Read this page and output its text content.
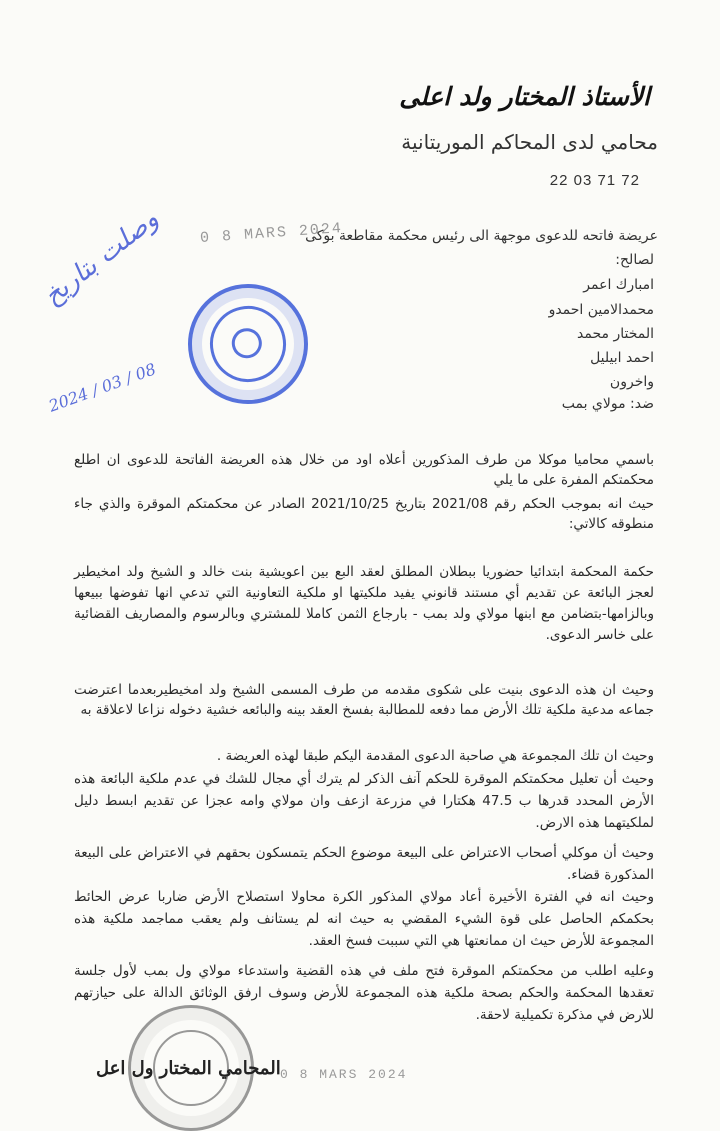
الأستاذ المختار ولد اعلى
محامي لدى المحاكم الموريتانية
22 03 71 72
0 8 MARS 2024
عريضة فاتحه للدعوى موجهة الى رئيس محكمة مقاطعة بوكى
لصالح:
امبارك اعمر
محمدالامين احمدو
المختار محمد
احمد ابيليل
واخرون
ضد: مولاي بمب
وصلت بتاريخ
2024 / 03 / 08
باسمي محاميا موكلا من طرف المذكورين أعلاه اود من خلال هذه العريضة الفاتحة للدعوى ان اطلع محكمتكم المفرة على ما يلي
حيث انه بموجب الحكم رقم 2021/08 بتاريخ 2021/10/25 الصادر عن محكمتكم الموقرة والذي جاء منطوقه كالاتي:
حكمة المحكمة ابتدائيا حضوريا ببطلان المطلق لعقد البع بين اعويشية بنت خالد و الشيخ ولد امخيطير لعجز البائعة عن تقديم أي مستند قانوني يفيد ملكيتها او ملكية التعاونية التي تدعي انها تفوضها ببيعها وبالزامها-بتضامن مع ابنها مولاي ولد بمب - بارجاع الثمن كاملا للمشتري وبالرسوم والمصاريف القضائية على خاسر الدعوى.
وحيث ان هذه الدعوى بنيت على شكوى مقدمه من طرف المسمى الشيخ ولد امخيطيربعدما اعترضت جماعه مدعية ملكية تلك الأرض مما دفعه للمطالبة بفسخ العقد بينه والبائعه خشية دخوله نزاعا لاعلاقة به
وحيث ان تلك المجموعة هي صاحبة الدعوى المقدمة اليكم طبقا لهذه العريضة .
وحيث أن تعليل محكمتكم الموقرة للحكم آنف الذكر لم يترك أي مجال للشك في عدم ملكية البائعة هذه الأرض المحدد قدرها ب 47.5 هكتارا في مزرعة ازعف وان مولاي وامه عجزا عن تقديم ابسط دليل لملكيتهما هذه الارض.
وحيث أن موكلي أصحاب الاعتراض على البيعة موضوع الحكم يتمسكون بحقهم في الاعتراض على البيعة المذكورة قضاء.
وحيث انه في الفترة الأخيرة أعاد مولاي المذكور الكرة محاولا استصلاح الأرض ضاربا عرض الحائط بحكمكم الحاصل على قوة الشيء المقضي به حيث انه لم يستانف ولم يعقب مماجمد ملكية هذه المجموعة للأرض حيث ان ممانعتها هي التي سببت فسخ العقد.
وعليه اطلب من محكمتكم الموقرة فتح ملف في هذه القضية واستدعاء مولاي ول بمب لأول جلسة تعقدها المحكمة والحكم بصحة ملكية هذه المجموعة للأرض وسوف ارفق الوثائق الدالة على حيازتهم للارض في مذكرة تكميلية لاحقة.
0 8 MARS 2024
المحامي المختار ول اعل
